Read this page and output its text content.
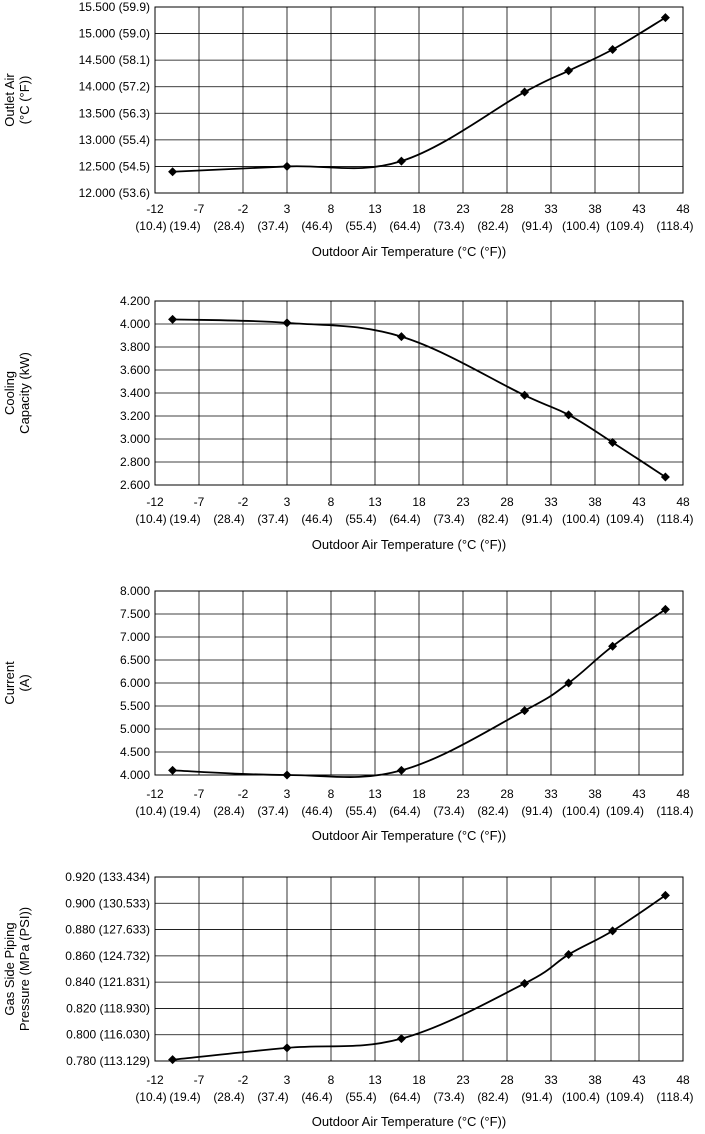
15.500 (59.9)
15.000 (59.0)
14.500 (58.1)
14.000 (57.2)
13.500 (56.3)
13.000 (55.4)
12.500 (54.5)
12.000 (53.6)
-12 -7	-2	3	8	13	18	23	28	33	38	43	48
(10.4) (19.4) (28.4) (37.4) (46.4) (55.4) (64.4) (73.4) (82.4) (91.4) (100.4) (109.4) (118.4)
Outdoor Air Temperature (°C (°F))
Outlet Air(°C (°F))
4.200
4.000
3.800
3.600
3.400
3.200
3.000
2.800
2.600
-12 -7	-2	3	8	13	18	23	28	33	38	43	48
(10.4) (19.4) (28.4) (37.4) (46.4) (55.4) (64.4) (73.4) (82.4) (91.4) (100.4) (109.4) (118.4)
Outdoor Air Temperature (°C (°F))
CoolingCapacity (kW)
8.000
7.500
7.000
6.500
6.000
5.500
5.000
4.500
4.000
-12 -7	-2	3	8	13	18	23	28	33	38	43	48
(10.4) (19.4) (28.4) (37.4) (46.4) (55.4) (64.4) (73.4) (82.4) (91.4) (100.4) (109.4) (118.4)
Outdoor Air Temperature (°C (°F))
Current(A)
0.920 (133.434)
0.900 (130.533)
0.880 (127.633)
0.860 (124.732)
0.840 (121.831)
0.820 (118.930)
0.800 (116.030)
0.780 (113.129)
-12 -7	-2	3	8	13	18	23	28	33	38	43	48
(10.4) (19.4) (28.4) (37.4) (46.4) (55.4) (64.4) (73.4) (82.4) (91.4) (100.4) (109.4) (118.4)
Outdoor Air Temperature (°C (°F))
Gas Side PipingPressure (MPa (PSI))
